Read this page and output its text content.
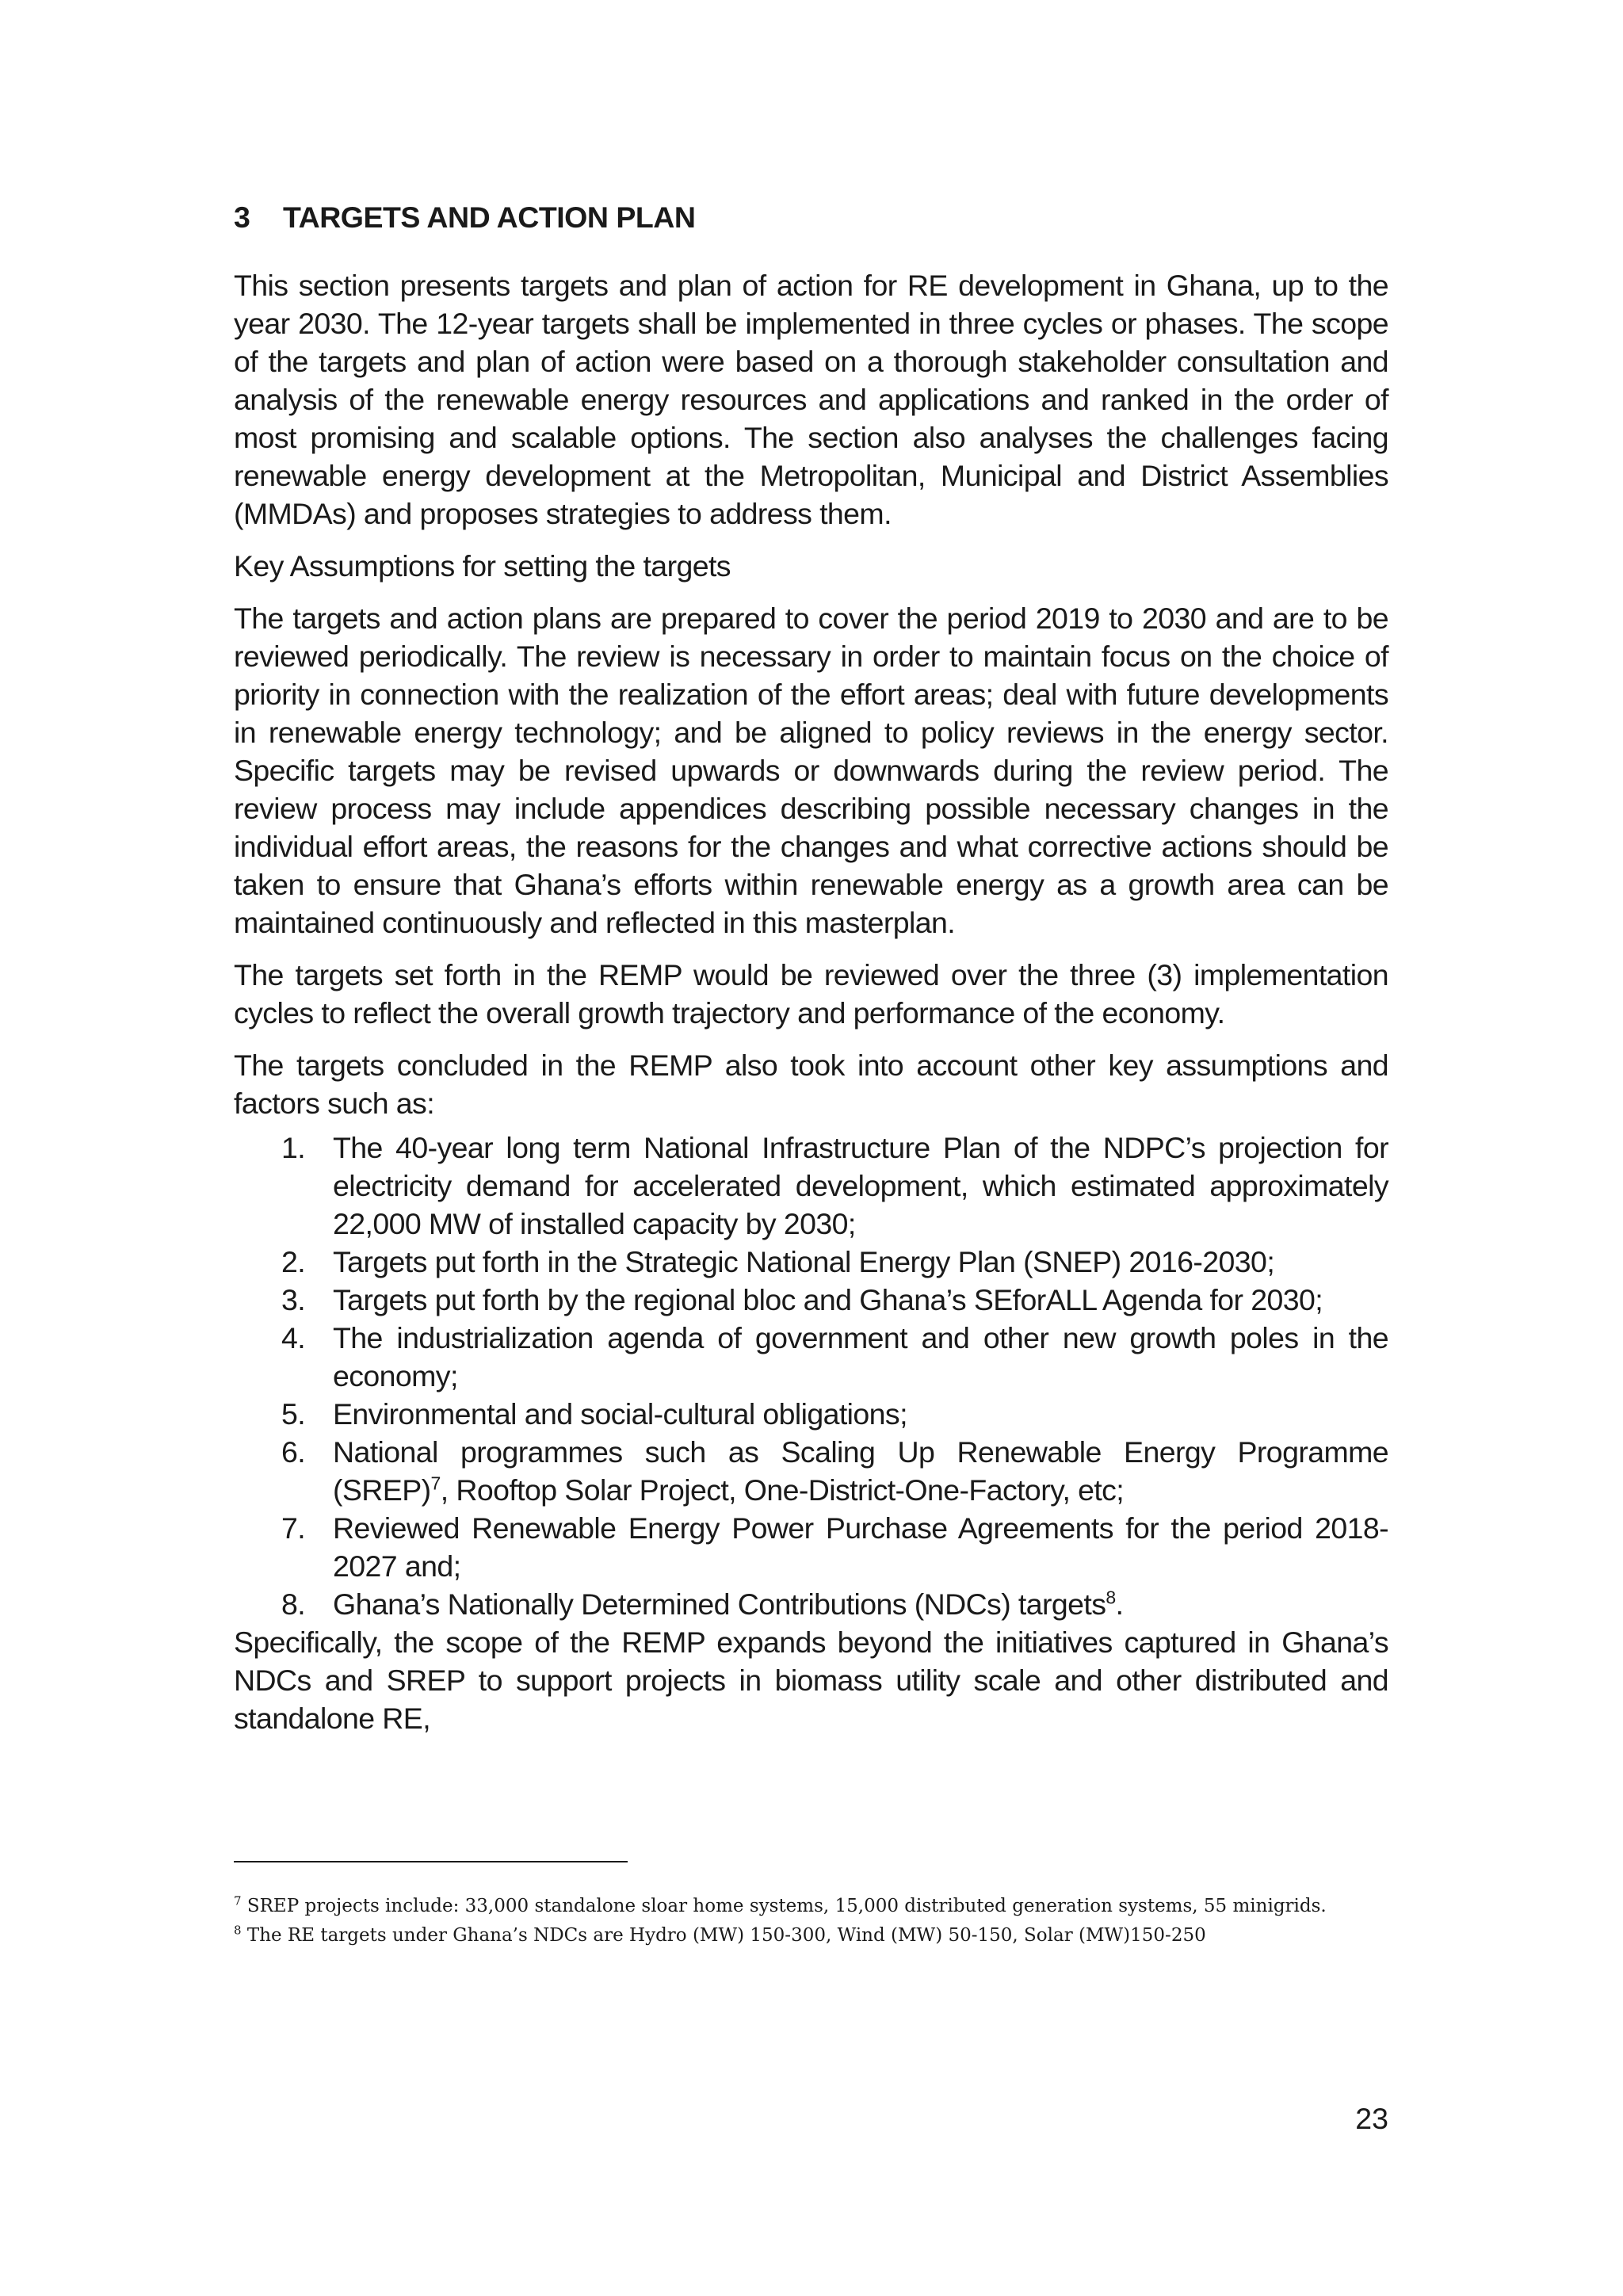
3 TARGETS AND ACTION PLAN

This section presents targets and plan of action for RE development in Ghana, up to the year 2030. The 12-year targets shall be implemented in three cycles or phases. The scope of the targets and plan of action were based on a thorough stakeholder consultation and analysis of the renewable energy resources and applications and ranked in the order of most promising and scalable options. The section also analyses the challenges facing renewable energy development at the Metropolitan, Municipal and District Assemblies (MMDAs) and proposes strategies to address them.

Key Assumptions for setting the targets

The targets and action plans are prepared to cover the period 2019 to 2030 and are to be reviewed periodically. The review is necessary in order to maintain focus on the choice of priority in connection with the realization of the effort areas; deal with future developments in renewable energy technology; and be aligned to policy reviews in the energy sector. Specific targets may be revised upwards or downwards during the review period. The review process may include appendices describing possible necessary changes in the individual effort areas, the reasons for the changes and what corrective actions should be taken to ensure that Ghana’s efforts within renewable energy as a growth area can be maintained continuously and reflected in this masterplan.

The targets set forth in the REMP would be reviewed over the three (3) implementation cycles to reflect the overall growth trajectory and performance of the economy.

The targets concluded in the REMP also took into account other key assumptions and factors such as:

1. The 40-year long term National Infrastructure Plan of the NDPC’s projection for electricity demand for accelerated development, which estimated approximately 22,000 MW of installed capacity by 2030;
2. Targets put forth in the Strategic National Energy Plan (SNEP) 2016-2030;
3. Targets put forth by the regional bloc and Ghana’s SEforALL Agenda for 2030;
4. The industrialization agenda of government and other new growth poles in the economy;
5. Environmental and social-cultural obligations;
6. National programmes such as Scaling Up Renewable Energy Programme (SREP)$^7$, Rooftop Solar Project, One-District-One-Factory, etc;
7. Reviewed Renewable Energy Power Purchase Agreements for the period 2018-2027 and;
8. Ghana’s Nationally Determined Contributions (NDCs) targets$^8$.

Specifically, the scope of the REMP expands beyond the initiatives captured in Ghana’s NDCs and SREP to support projects in biomass utility scale and other distributed and standalone RE,

$^7$ SREP projects include: 33,000 standalone sloar home systems, 15,000 distributed generation systems, 55 minigrids.
$^8$ The RE targets under Ghana’s NDCs are Hydro (MW) 150-300, Wind (MW) 50-150, Solar (MW)150-250
23
